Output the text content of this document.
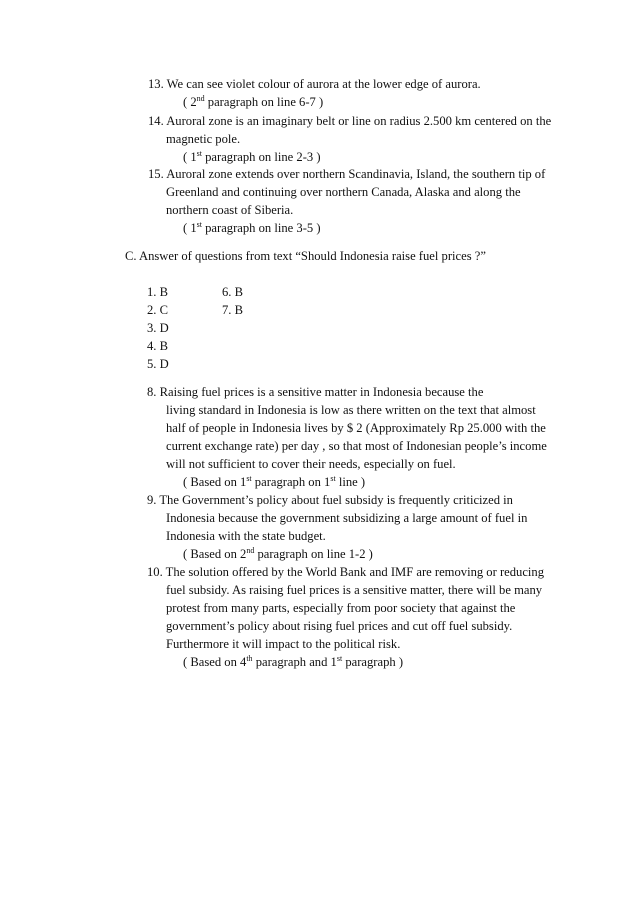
13. We can see violet colour of aurora at the lower edge of aurora.
( 2nd paragraph on line 6-7 )
14. Auroral zone is an imaginary belt or line on radius 2.500 km centered on the
magnetic pole.
( 1st paragraph on line 2-3 )
15. Auroral zone extends over northern Scandinavia, Island, the southern tip of
Greenland and continuing over northern Canada, Alaska and along the
northern coast of Siberia.
( 1st paragraph on line 3-5 )
C. Answer of questions from text “Should Indonesia raise fuel prices ?”
1. B
2. C
3. D
4. B
5. D
6. B
7. B
8. Raising fuel prices is a sensitive matter in Indonesia because the
living standard in Indonesia is low as there written on the text that almost
half of people in Indonesia lives by $ 2 (Approximately Rp 25.000 with the
current exchange rate) per day , so that most of Indonesian people’s income
will not sufficient to cover their needs, especially on fuel.
( Based on 1st paragraph on 1st line )
9. The Government’s policy about fuel subsidy is frequently criticized in
Indonesia because the government subsidizing a large amount of fuel in
Indonesia with the state budget.
( Based on 2nd paragraph on line 1-2 )
10. The solution offered by the World Bank and IMF are removing or reducing
fuel subsidy. As raising fuel prices is a sensitive matter, there will be many
protest from many parts, especially from poor society that against the
government’s policy about rising fuel prices and cut off fuel subsidy.
Furthermore it will impact to the political risk.
( Based on 4th paragraph and 1st paragraph )
